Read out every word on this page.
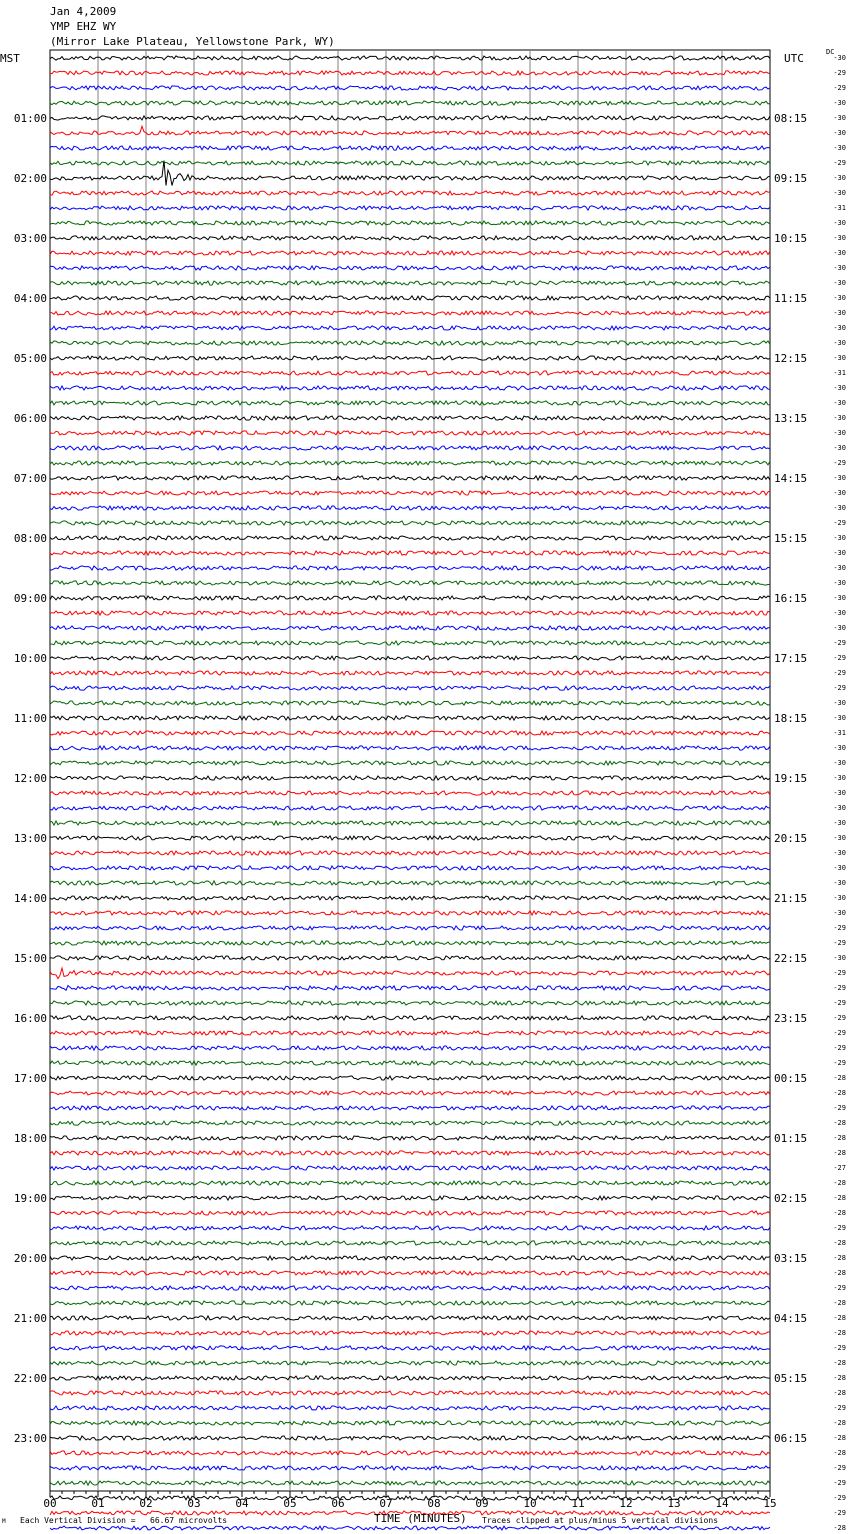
Jan 4,2009
YMP EHZ WY
(Mirror Lake Plateau, Yellowstone Park, WY)
MST	UTC	DC
00	01	02	03	04	05	06	07	08	09	10	11	12	13	14	15
-30
-29
-29
-30
-30
01:00	08:15
-30
-30
-29
-30
02:00	09:15
-30
-31
-30
-30
03:00	10:15
-30
-30
-30
-30
04:00	11:15
-30
-30
-30
-30
05:00	12:15
-31
-30
-30
-30
06:00	13:15
-30
-30
-29
-30
07:00	14:15
-30
-30
-29
-30
08:00	15:15
-30
-30
-30
-30
09:00	16:15
-30
-30
-29
-29
10:00	17:15
-29
-29
-30
-30
11:00	18:15
-31
-30
-30
-30
12:00	19:15
-30
-30
-30
-30
13:00	20:15
-30
-30
-30
-30
14:00	21:15
-30
-29
-29
-30
15:00	22:15
-29
-29
-29
-29
16:00	23:15
-29
-29
-29
-28
17:00	00:15
-28
-29
-28
-28
18:00	01:15
-28
-27
-28
-28
19:00	02:15
-28
-29
-28
-28
20:00	03:15
-28
-29
-28
-28
21:00	04:15
-28
-29
-28
-28
22:00	05:15
-28
-29
-28
-28
23:00	06:15
-28
-29
-29
-29
-29
-28
M Each Vertical Division =   66.67 microvolts	TIME (MINUTES) Traces clipped at plus/minus 5 vertical divisions
